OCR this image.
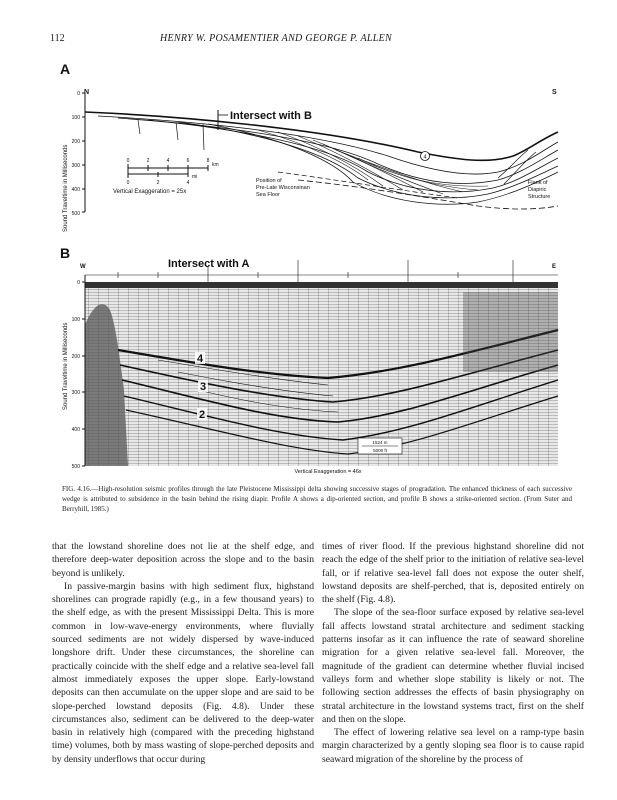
112	HENRY W. POSAMENTIER AND GEORGE P. ALLEN
A
N	S
Sound Traveltime in Milliseconds
0
100
200
300
400
500
Intersect with B
4
0	2	4	6	8
km
0	2	4
mi
Vertical Exaggeration = 25x
Position of
Pre-Late Wisconsinan
Sea Floor
Flank of
Diapiric
Structure
B
W	E
Intersect with A
Sound Traveltime in Milliseconds
1524 m
5000 ft
4
3
2
0
100
200
300
400
500
Vertical Exaggeration = 46x
FIG. 4.16.—High-resolution seismic profiles through the late Pleistocene Mississippi delta showing successive stages of progradation. The enhanced thickness of each successive wedge is attributed to subsidence in the basin behind the rising diapir. Profile A shows a dip-oriented section, and profile B shows a strike-oriented section. (From Suter and Berryhill, 1985.)

that the lowstand shoreline does not lie at the shelf edge, and therefore deep-water deposition across the slope and to the basin beyond is unlikely.

In passive-margin basins with high sediment flux, highstand shorelines can prograde rapidly (e.g., in a few thousand years) to the shelf edge, as with the present Mississippi Delta. This is more common in low-wave-energy environments, where fluvially sourced sediments are not widely dispersed by wave-induced longshore drift. Under these circumstances, the shoreline can practically coincide with the shelf edge and a relative sea-level fall almost immediately exposes the upper slope. Early-lowstand deposits can then accumulate on the upper slope and are said to be slope-perched lowstand deposits (Fig. 4.8). Under these circumstances also, sediment can be delivered to the deep-water basin in relatively high (compared with the preceding highstand time) volumes, both by mass wasting of slope-perched deposits and by density underflows that occur during

times of river flood. If the previous highstand shoreline did not reach the edge of the shelf prior to the initiation of relative sea-level fall, or if relative sea-level fall does not expose the outer shelf, lowstand deposits are shelf-perched, that is, deposited entirely on the shelf (Fig. 4.8).

The slope of the sea-floor surface exposed by relative sea-level fall affects lowstand stratal architecture and sediment stacking patterns insofar as it can influence the rate of seaward shoreline migration for a given relative sea-level fall. Moreover, the magnitude of the gradient can determine whether fluvial incised valleys form and whether slope stability is likely or not. The following section addresses the effects of basin physiography on stratal architecture in the lowstand systems tract, first on the shelf and then on the slope.

The effect of lowering relative sea level on a ramp-type basin margin characterized by a gently sloping sea floor is to cause rapid seaward migration of the shoreline by the process of
